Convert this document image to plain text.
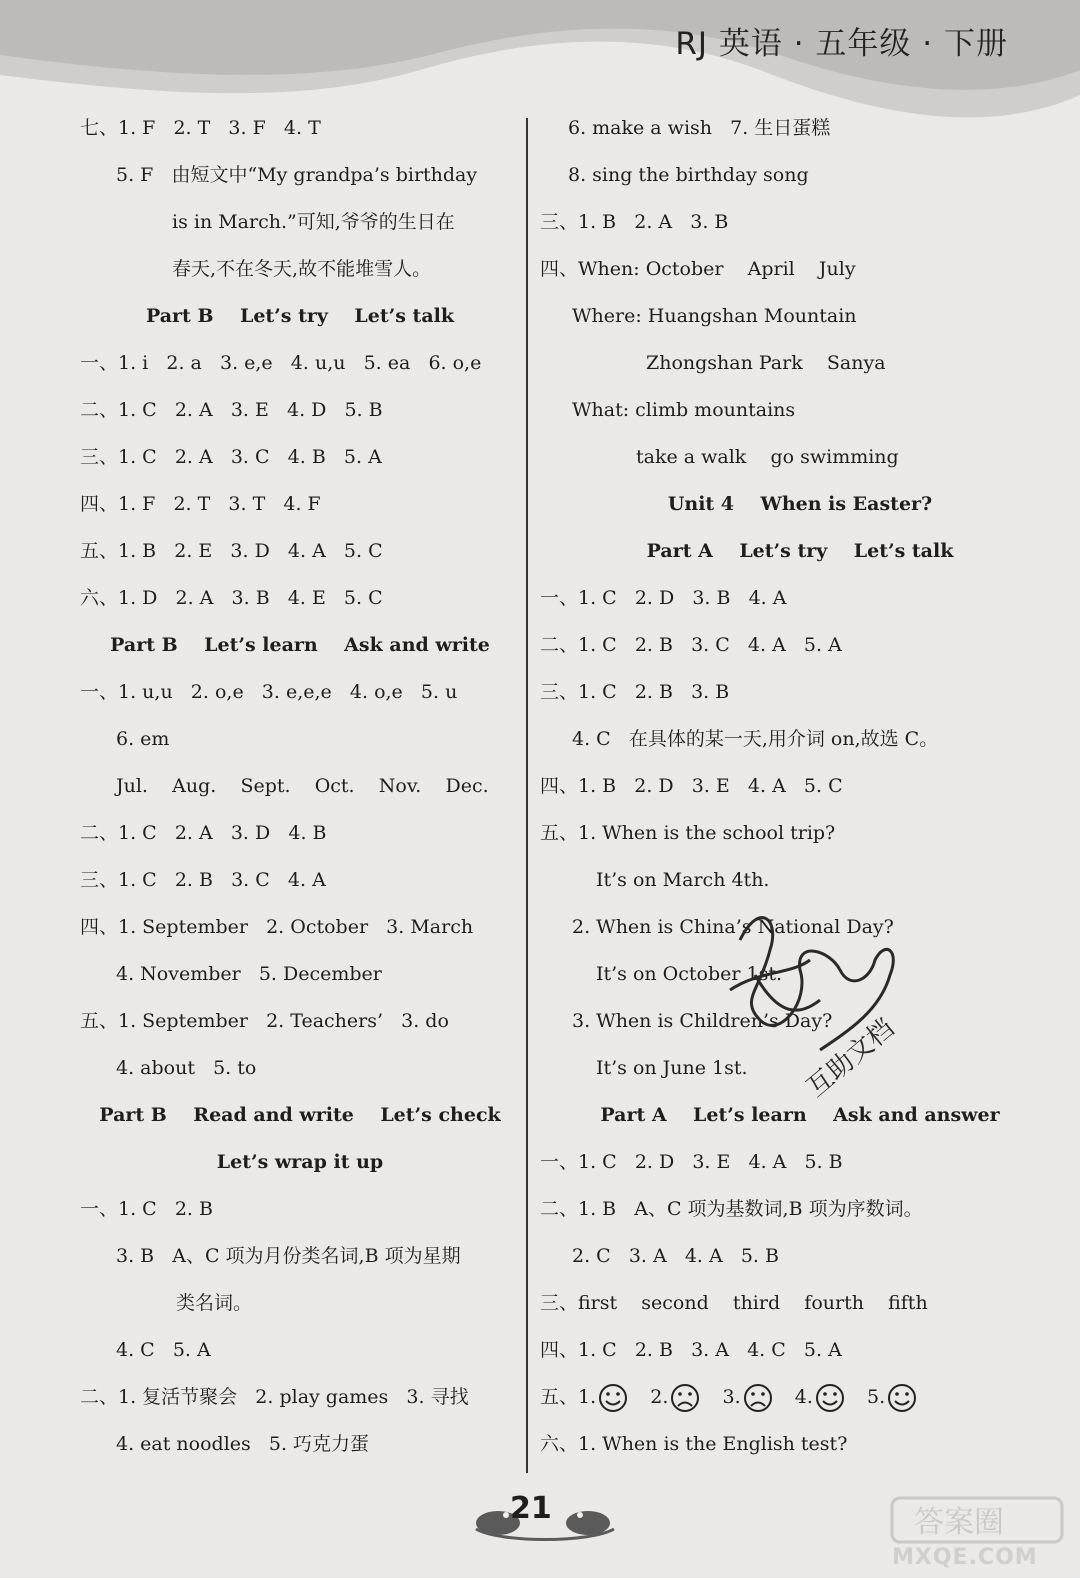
RJ 英语 · 五年级 · 下册
七、1. F   2. T   3. F   4. T
5. F   由短文中“My grandpa’s birthday
is in March.”可知,爷爷的生日在
春天,不在冬天,故不能堆雪人。
Part B    Let’s try    Let’s talk
一、1. i   2. a   3. e,e   4. u,u   5. ea   6. o,e
二、1. C   2. A   3. E   4. D   5. B
三、1. C   2. A   3. C   4. B   5. A
四、1. F   2. T   3. T   4. F
五、1. B   2. E   3. D   4. A   5. C
六、1. D   2. A   3. B   4. E   5. C
Part B    Let’s learn    Ask and write
一、1. u,u   2. o,e   3. e,e,e   4. o,e   5. u
6. em
Jul.    Aug.    Sept.    Oct.    Nov.    Dec.
二、1. C   2. A   3. D   4. B
三、1. C   2. B   3. C   4. A
四、1. September   2. October   3. March
4. November   5. December
五、1. September   2. Teachers’   3. do
4. about   5. to
Part B    Read and write    Let’s check
Let’s wrap it up
一、1. C   2. B
3. B   A、C 项为月份类名词,B 项为星期
类名词。
4. C   5. A
二、1. 复活节聚会   2. play games   3. 寻找
4. eat noodles   5. 巧克力蛋
6. make a wish   7. 生日蛋糕
8. sing the birthday song
三、1. B   2. A   3. B
四、When: October    April    July
Where: Huangshan Mountain
Zhongshan Park    Sanya
What: climb mountains
take a walk    go swimming
Unit 4    When is Easter?
Part A    Let’s try    Let’s talk
一、1. C   2. D   3. B   4. A
二、1. C   2. B   3. C   4. A   5. A
三、1. C   2. B   3. B
4. C   在具体的某一天,用介词 on,故选 C。
四、1. B   2. D   3. E   4. A   5. C
五、1. When is the school trip?
It’s on March 4th.
2. When is China’s National Day?
It’s on October 1st.
3. When is Children’s Day?
It’s on June 1st.
Part A    Let’s learn    Ask and answer
一、1. C   2. D   3. E   4. A   5. B
二、1. B   A、C 项为基数词,B 项为序数词。
2. C   3. A   4. A   5. B
三、first    second    third    fourth    fifth
四、1. C   2. B   3. A   4. C   5. A
五、1.
2.
3.
4.
5.
六、1. When is the English test?
互助文档
21	答案圈
MXQE.COM
